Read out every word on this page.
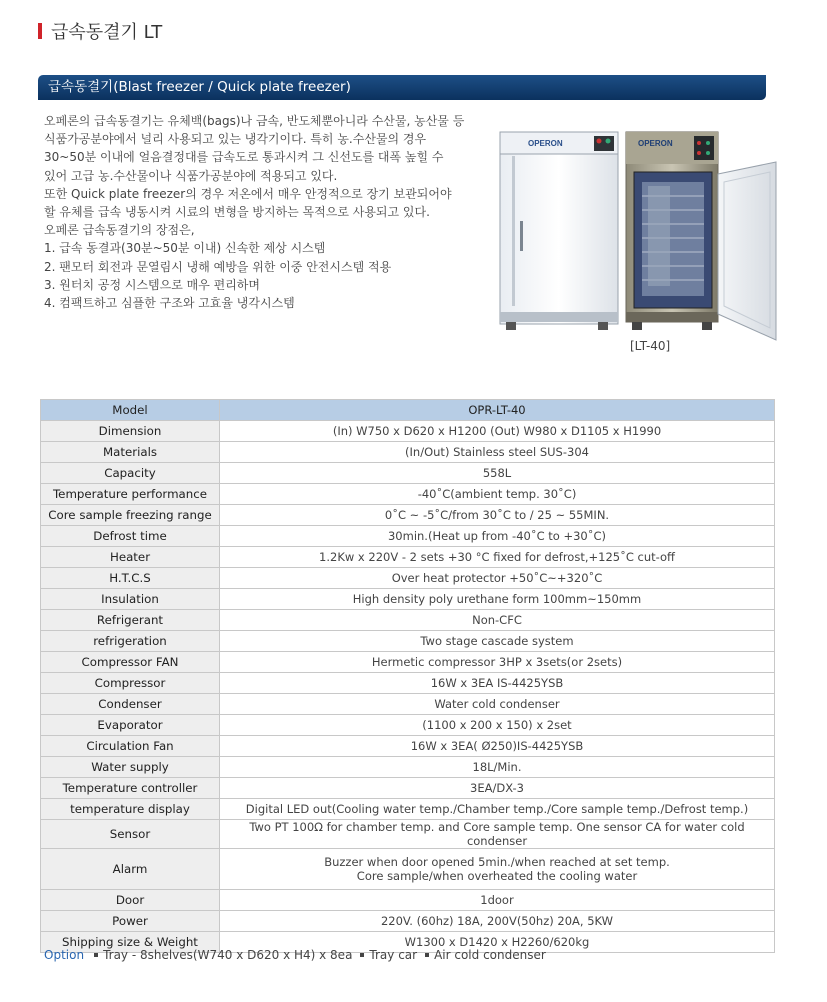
급속동결기 LT
급속동결기(Blast freezer / Quick plate freezer)

오페론의 급속동결기는 유체백(bags)나 금속, 반도체뿐아니라 수산물, 농산물 등

식품가공분야에서 널리 사용되고 있는 냉각기이다. 특히 농.수산물의 경우

30~50분 이내에 얼음결정대를 급속도로 통과시켜 그 신선도를 대폭 높힐 수

있어 고급 농.수산물이나 식품가공분야에 적용되고 있다.

또한 Quick plate freezer의 경우 저온에서 매우 안정적으로 장기 보관되어야

할 유체를 급속 냉동시켜 시료의 변형을 방지하는 목적으로 사용되고 있다.

오페론 급속동결기의 장점은,

1. 급속 동결과(30분~50분 이내) 신속한 제상 시스템

2. 팬모터 회전과 문열림시 냉해 예방을 위한 이중 안전시스템 적용

3. 원터치 공정 시스템으로 매우 편리하며

4. 컴팩트하고 심플한 구조와 고효율 냉각시스템

OPERON	OPERON
[LT-40]
Model	OPR-LT-40
Dimension	(In) W750 x D620 x H1200 (Out) W980 x D1105 x H1990
Materials	(In/Out) Stainless steel SUS-304
Capacity	558L
Temperature performance	-40˚C(ambient temp. 30˚C)
Core sample freezing range	0˚C ~ -5˚C/from 30˚C to / 25 ~ 55MIN.
Defrost time	30min.(Heat up from -40˚C to +30˚C)
Heater	1.2Kw x 220V - 2 sets +30 °C fixed for defrost,+125˚C cut-off
H.T.C.S	Over heat protector +50˚C~+320˚C
Insulation	High density poly urethane form 100mm~150mm
Refrigerant	Non-CFC
refrigeration	Two stage cascade system
Compressor FAN	Hermetic compressor 3HP x 3sets(or 2sets)
Compressor	16W x 3EA IS-4425YSB
Condenser	Water cold condenser
Evaporator	(1100 x 200 x 150) x 2set
Circulation Fan	16W x 3EA( Ø250)IS-4425YSB
Water supply	18L/Min.
Temperature controller	3EA/DX-3
temperature display	Digital LED out(Cooling water temp./Chamber temp./Core sample temp./Defrost temp.)
Sensor	Two PT 100Ω for chamber temp. and Core sample temp. One sensor CA for water cold condenser
Alarm	Buzzer when door opened 5min./when reached at set temp.
Core sample/when overheated the cooling water

Door	1door
Power	220V. (60hz) 18A, 200V(50hz) 20A, 5KW
Shipping size & Weight	W1300 x D1420 x H2260/620kg
Option Tray - 8shelves(W740 x D620 x H4) x 8ea Tray car Air cold condenser
